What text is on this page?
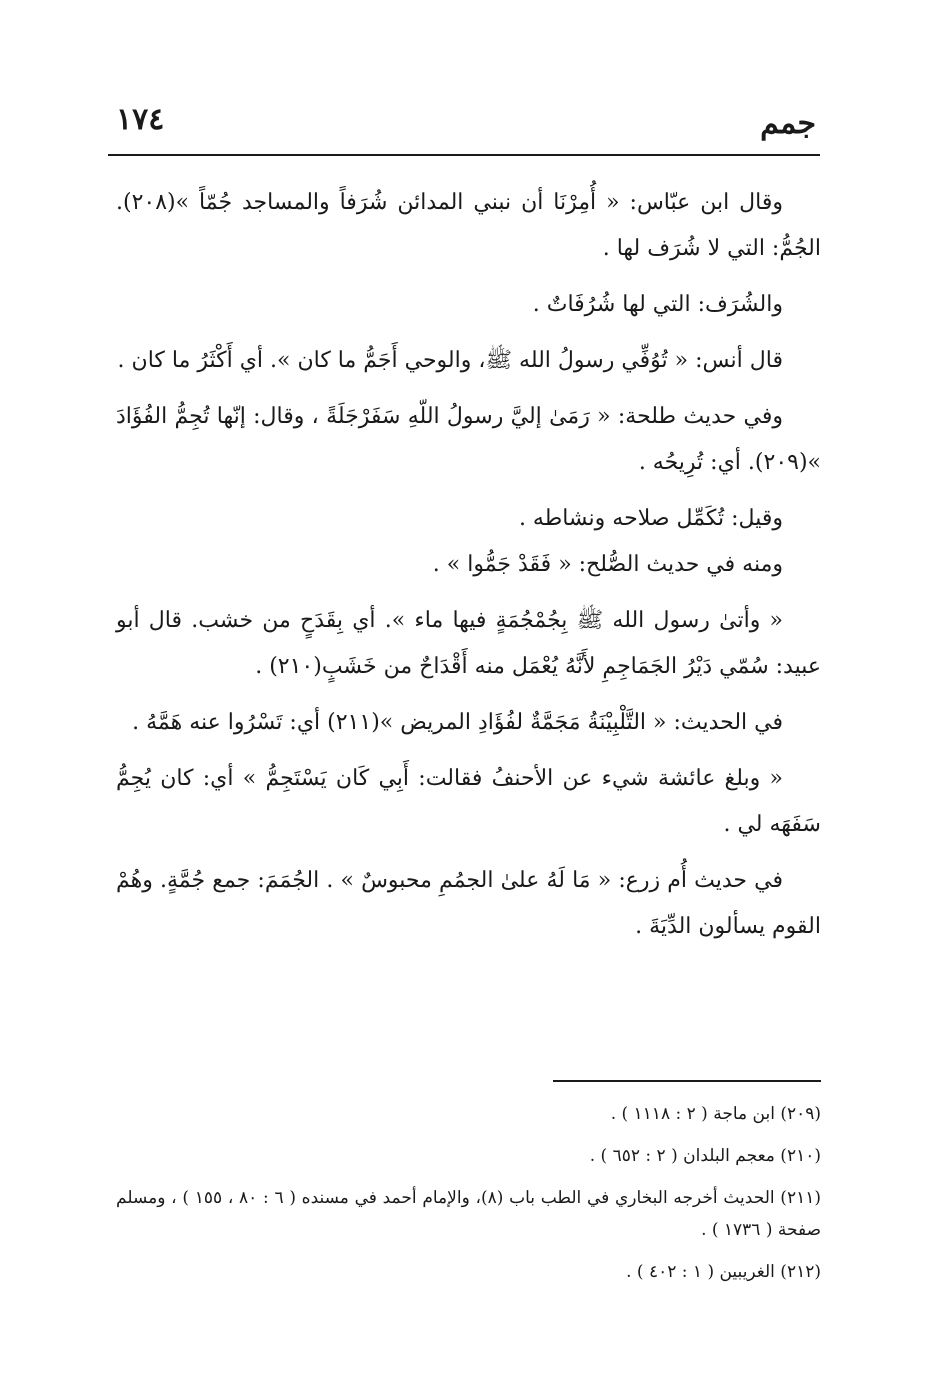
جمم
١٧٤

وقال ابن عبّاس: « أُمِرْنَا أن نبني المدائن شُرَفاً والمساجد جُمّاً »(٢٠٨). الجُمُّ: التي لا شُرَف لها .

والشُرَف: التي لها شُرُفَاتٌ .

قال أنس: « تُوُفِّي رسولُ الله ﷺ، والوحي أَجَمُّ ما كان ». أي أَكْثَرُ ما كان .

وفي حديث طلحة: « رَمَىٰ إليَّ رسولُ اللّهِ سَفَرْجَلَةً ، وقال: إنّها تُجِمُّ الفُؤَادَ »(٢٠٩). أي: تُرِيحُه .

وقيل: تُكَمِّل صلاحه ونشاطه .

ومنه في حديث الصُّلح: « فَقَدْ جَمُّوا » .

« وأتىٰ رسول الله ﷺ بِجُمْجُمَةٍ فيها ماء ». أي بِقَدَحٍ من خشب. قال أبو عبيد: سُمّي دَيْرُ الجَمَاجِمِ لأَنَّهُ يُعْمَل منه أَقْدَاحٌ من خَشَبٍ(٢١٠) .

في الحديث: « التَّلْبِيْنَةُ مَجَمَّةٌ لفُؤَادِ المريض »(٢١١) أي: تَسْرُوا عنه هَمَّهُ .

« وبلغ عائشة شيء عن الأحنفُ فقالت: أَبِي كَان يَسْتَجِمُّ » أي: كان يُجِمُّ سَفَهَه لي .

في حديث أُم زرع: « مَا لَهُ علىٰ الجمُمِ محبوسٌ » . الجُمَمَ: جمع جُمَّةٍ. وهُمْ القوم يسألون الدِّيَةَ .

(٢٠٩) ابن ماجة ( ٢ : ١١١٨ ) .

(٢١٠) معجم البلدان ( ٢ : ٦٥٢ ) .

(٢١١) الحديث أخرجه البخاري في الطب باب (٨)، والإمام أحمد في مسنده ( ٦ : ٨٠ ، ١٥٥ ) ، ومسلم صفحة ( ١٧٣٦ ) .

(٢١٢) الغريبين ( ١ : ٤٠٢ ) .
